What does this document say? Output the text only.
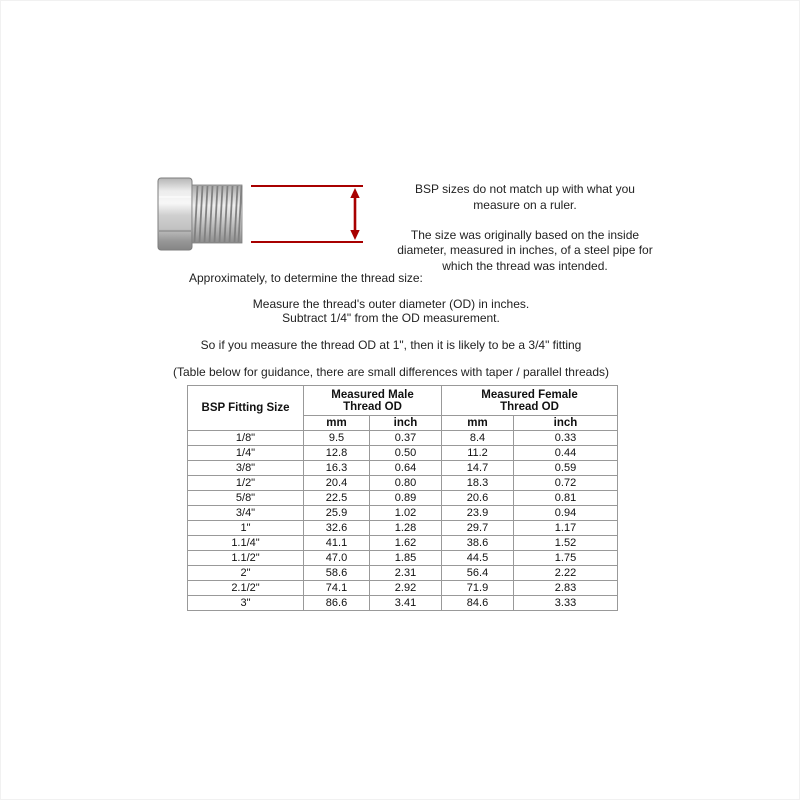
BSP sizes do not match up with what you measure on a ruler.

The size was originally based on the inside diameter, measured in inches, of a steel pipe for which the thread was intended.

Approximately, to determine the thread size:

Measure the thread's outer diameter (OD) in inches.

Subtract 1/4" from the OD measurement.

So if you measure the thread OD at 1", then it is likely to be a 3/4" fitting

(Table below for guidance, there are small differences with taper / parallel threads)

BSP Fitting Size	Measured Male Thread OD		Measured Female Thread OD	

	mm	inch	mm	inch
1/8"	9.5	0.37	8.4	0.33
1/4"	12.8	0.50	11.2	0.44
3/8"	16.3	0.64	14.7	0.59
1/2"	20.4	0.80	18.3	0.72
5/8"	22.5	0.89	20.6	0.81
3/4"	25.9	1.02	23.9	0.94
1"	32.6	1.28	29.7	1.17
1.1/4"	41.1	1.62	38.6	1.52
1.1/2"	47.0	1.85	44.5	1.75
2"	58.6	2.31	56.4	2.22
2.1/2"	74.1	2.92	71.9	2.83
3"	86.6	3.41	84.6	3.33
